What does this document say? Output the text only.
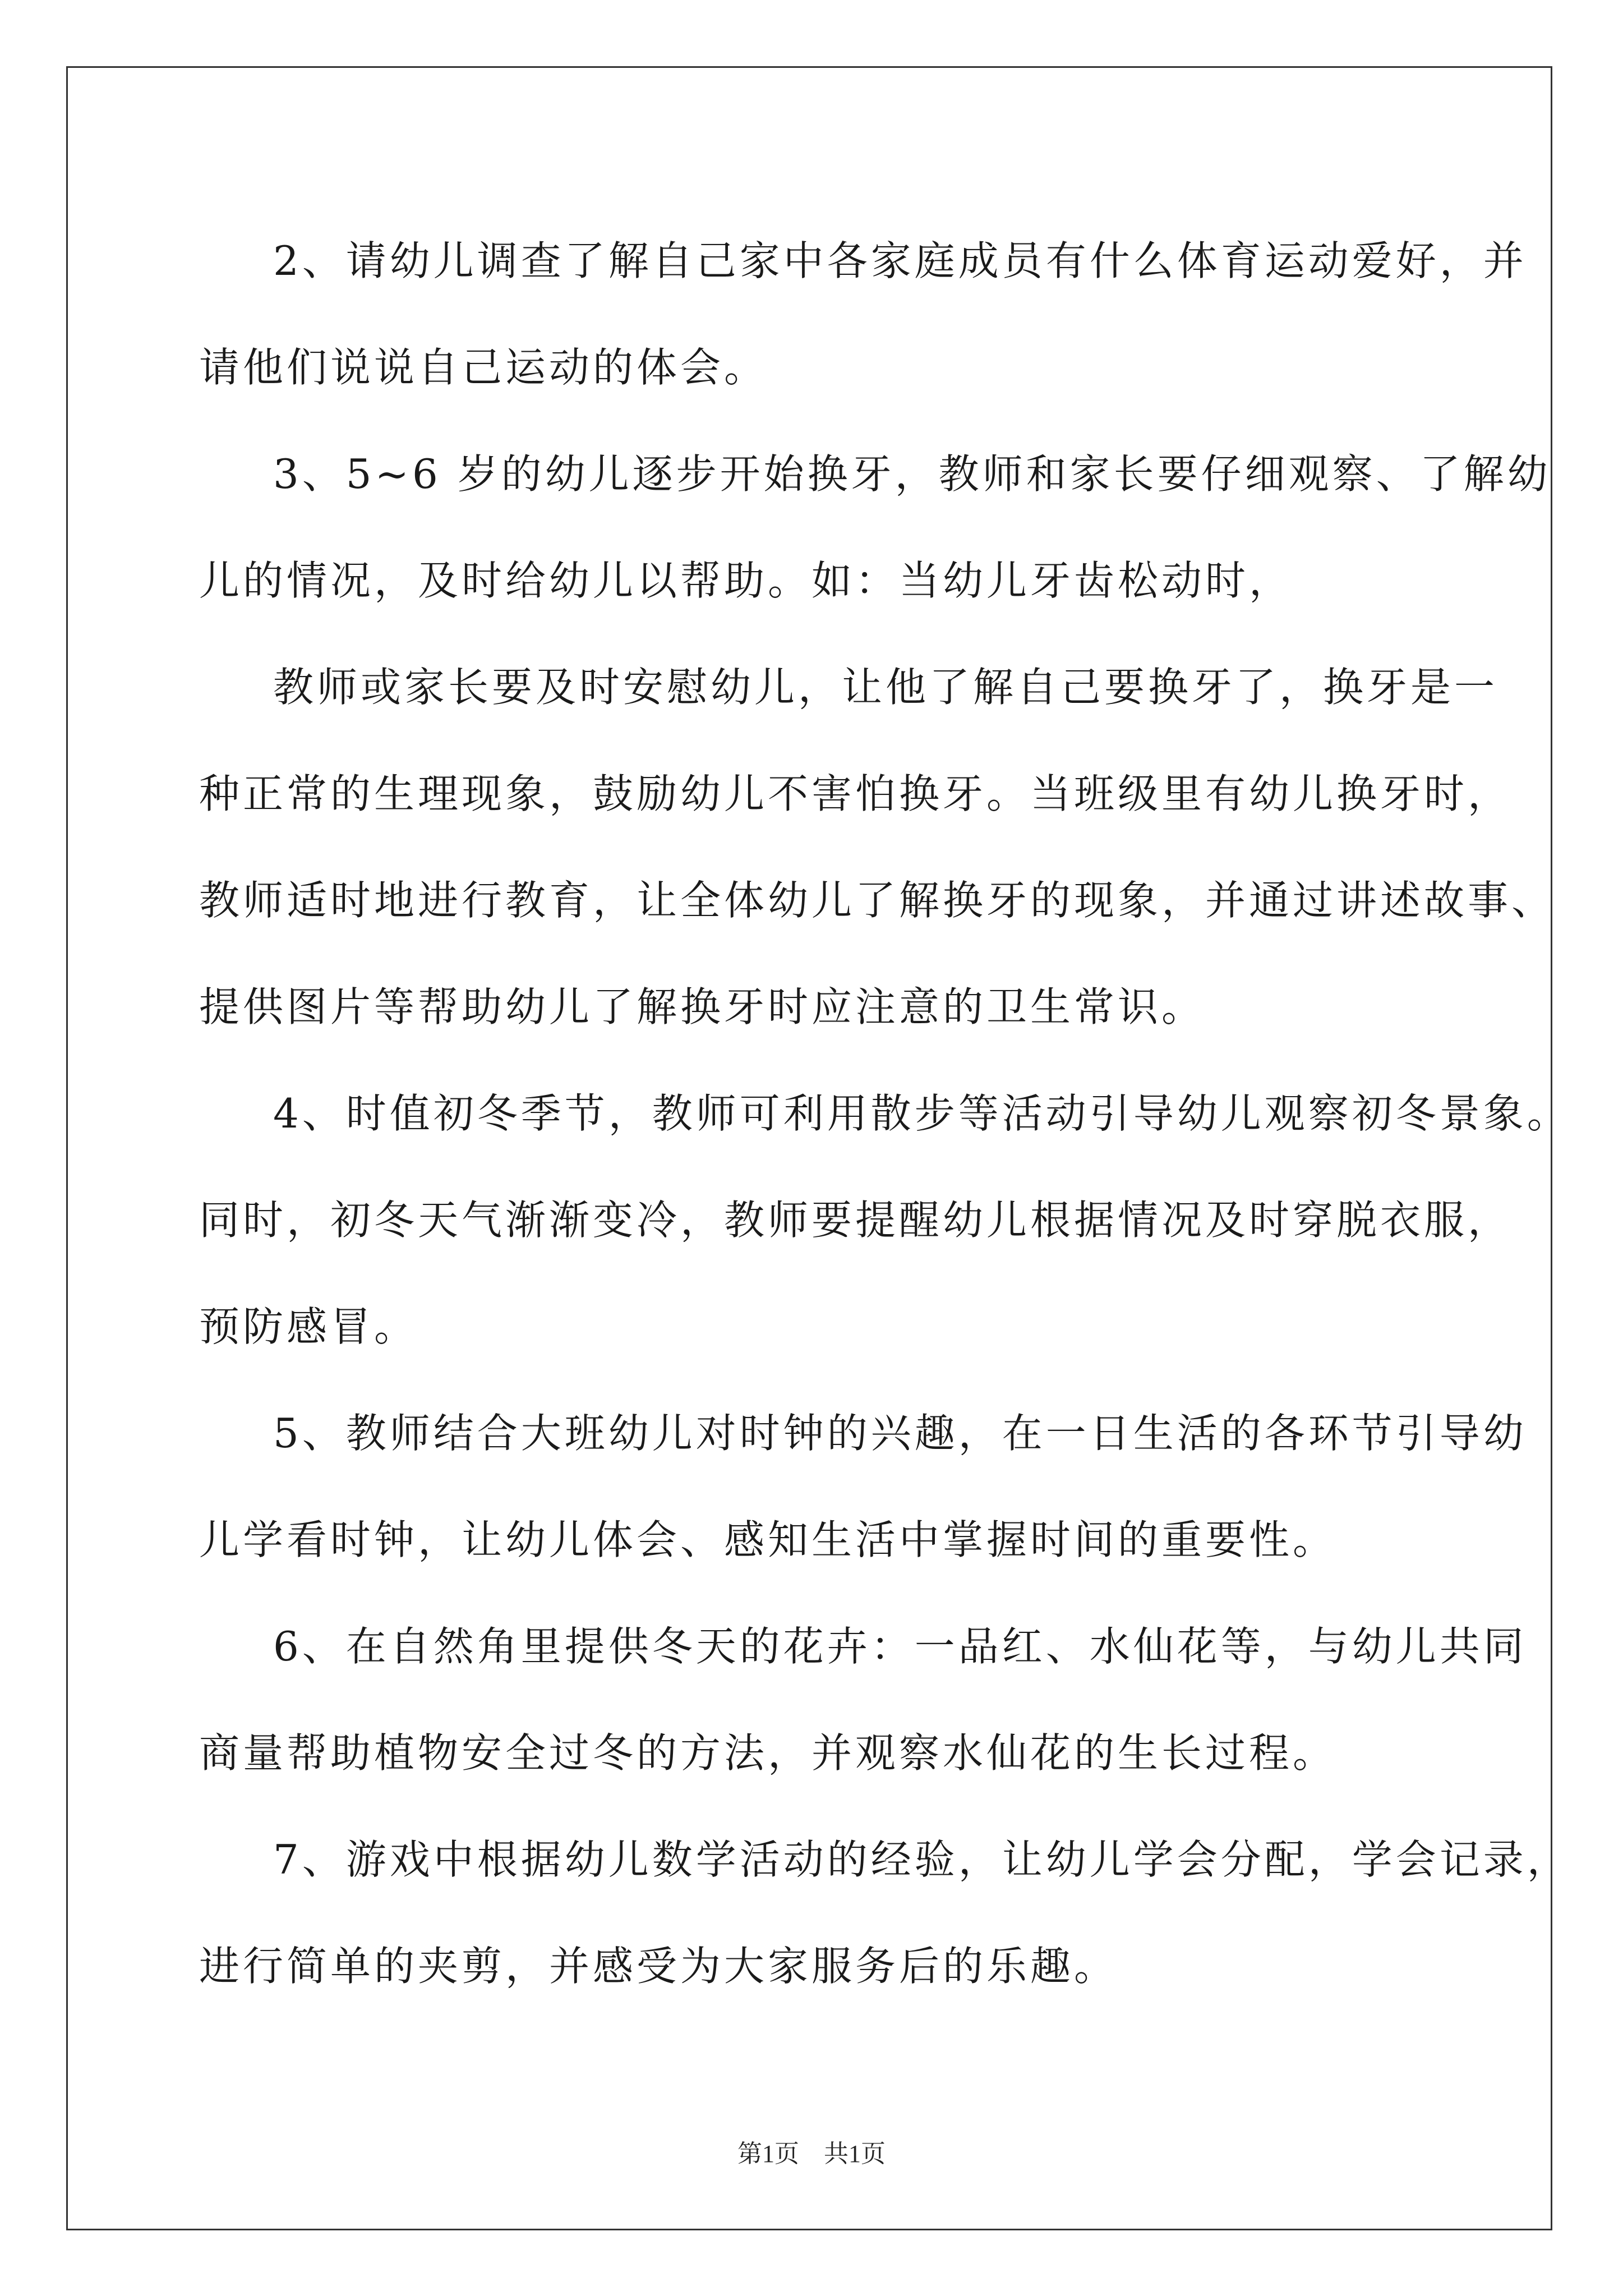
2、请幼儿调查了解自己家中各家庭成员有什么体育运动爱好，并
请他们说说自己运动的体会。
3、5~6 岁的幼儿逐步开始换牙，教师和家长要仔细观察、了解幼
儿的情况，及时给幼儿以帮助。如：当幼儿牙齿松动时，
教师或家长要及时安慰幼儿，让他了解自己要换牙了，换牙是一
种正常的生理现象，鼓励幼儿不害怕换牙。当班级里有幼儿换牙时，
教师适时地进行教育，让全体幼儿了解换牙的现象，并通过讲述故事、
提供图片等帮助幼儿了解换牙时应注意的卫生常识。
4、时值初冬季节，教师可利用散步等活动引导幼儿观察初冬景象。
同时，初冬天气渐渐变冷，教师要提醒幼儿根据情况及时穿脱衣服，
预防感冒。
5、教师结合大班幼儿对时钟的兴趣，在一日生活的各环节引导幼
儿学看时钟，让幼儿体会、感知生活中掌握时间的重要性。
6、在自然角里提供冬天的花卉：一品红、水仙花等，与幼儿共同
商量帮助植物安全过冬的方法，并观察水仙花的生长过程。
7、游戏中根据幼儿数学活动的经验，让幼儿学会分配，学会记录，
进行简单的夹剪，并感受为大家服务后的乐趣。
第1页　共1页
